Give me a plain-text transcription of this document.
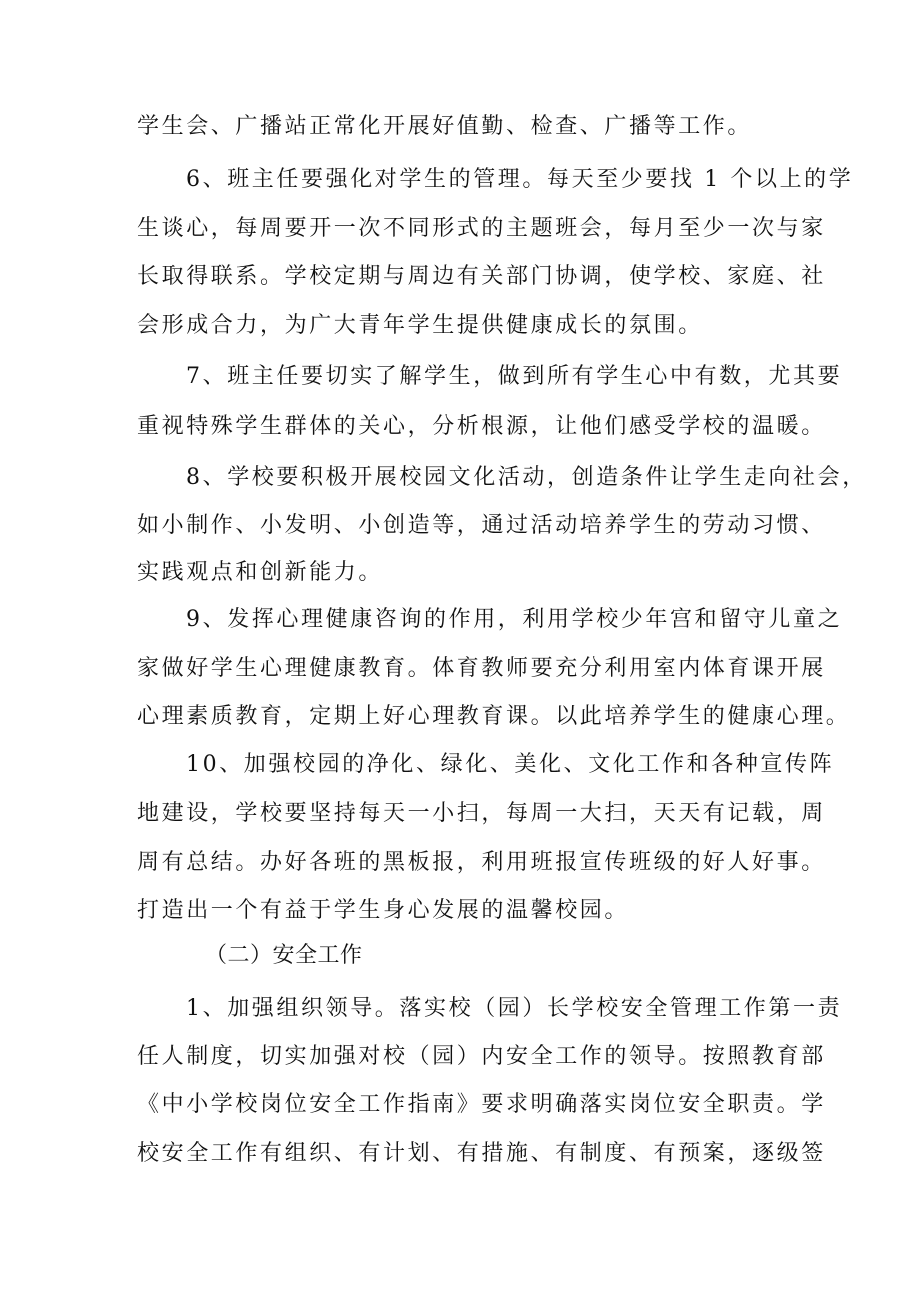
学生会、广播站正常化开展好值勤、检查、广播等工作。
6、班主任要强化对学生的管理。每天至少要找 1 个以上的学
生谈心，每周要开一次不同形式的主题班会，每月至少一次与家
长取得联系。学校定期与周边有关部门协调，使学校、家庭、社
会形成合力，为广大青年学生提供健康成长的氛围。
7、班主任要切实了解学生，做到所有学生心中有数，尤其要
重视特殊学生群体的关心，分析根源，让他们感受学校的温暖。
8、学校要积极开展校园文化活动，创造条件让学生走向社会，
如小制作、小发明、小创造等，通过活动培养学生的劳动习惯、
实践观点和创新能力。
9、发挥心理健康咨询的作用，利用学校少年宫和留守儿童之
家做好学生心理健康教育。体育教师要充分利用室内体育课开展
心理素质教育，定期上好心理教育课。以此培养学生的健康心理。
10、加强校园的净化、绿化、美化、文化工作和各种宣传阵
地建设，学校要坚持每天一小扫，每周一大扫，天天有记载，周
周有总结。办好各班的黑板报，利用班报宣传班级的好人好事。
打造出一个有益于学生身心发展的温馨校园。
（二）安全工作
1、加强组织领导。落实校（园）长学校安全管理工作第一责
任人制度，切实加强对校（园）内安全工作的领导。按照教育部
《中小学校岗位安全工作指南》要求明确落实岗位安全职责。学
校安全工作有组织、有计划、有措施、有制度、有预案，逐级签
